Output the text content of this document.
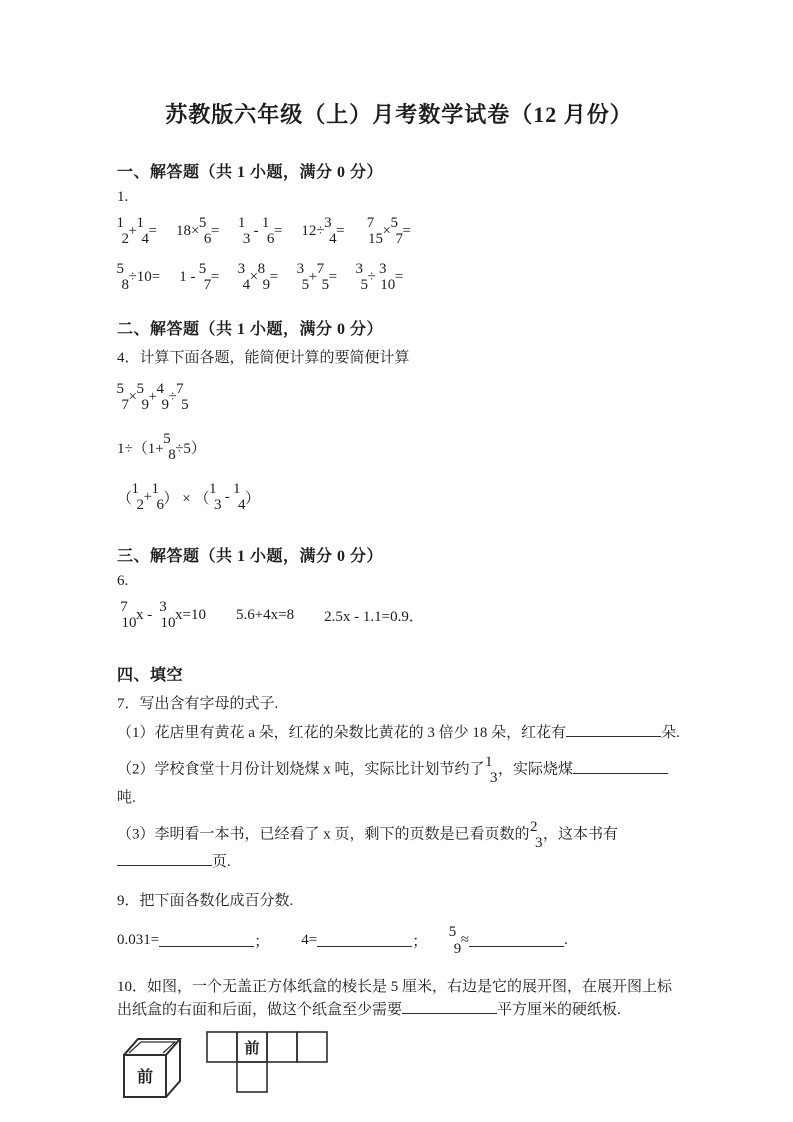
苏教版六年级（上）月考数学试卷（12 月份）
一、解答题（共 1 小题，满分 0 分）

1.

1
2
+ 1
4
= 18× 5
6
= 1
3
- 1
6
= 12÷ 3
4
= 7
15
× 5
7
=
5
8
÷10= 1 - 5
7
= 3
4
× 8
9
= 3
5
+ 7
5
= 3
5
÷ 3
10
=
二、解答题（共 1 小题，满分 0 分）

4．计算下面各题，能简便计算的要简便计算

5
7
× 5
9
+ 4
9
÷ 7
5
1÷（1+
5
8 ÷5）
（
1
2
+ 1
6 ） × （
1
3
- 1
4 ）
三、解答题（共 1 小题，满分 0 分）

6.

7
10
x - 3
10
x=10 5.6+4x=8 2.5x - 1.1=0.9．
四、填空

7．写出含有字母的式子.

（1）花店里有黄花 a 朵，红花的朵数比黄花的 3 倍少 18 朵，红花有	朵.

（2）学校食堂十月份计划烧煤 x 吨，实际比计划节约了 1
3
，实际烧煤吨.

（3）李明看一本书，已经看了 x 页，剩下的页数是已看页数的 2
3
，这本书有页.

9．把下面各数化成百分数.

0.031=	； 4=	；
5
9
≈	.

10．如图，一个无盖正方体纸盒的棱长是 5 厘米，右边是它的展开图，在展开图上标出纸盒的右面和后面，做这个纸盒至少需要	平方厘米的硬纸板.

前
前
